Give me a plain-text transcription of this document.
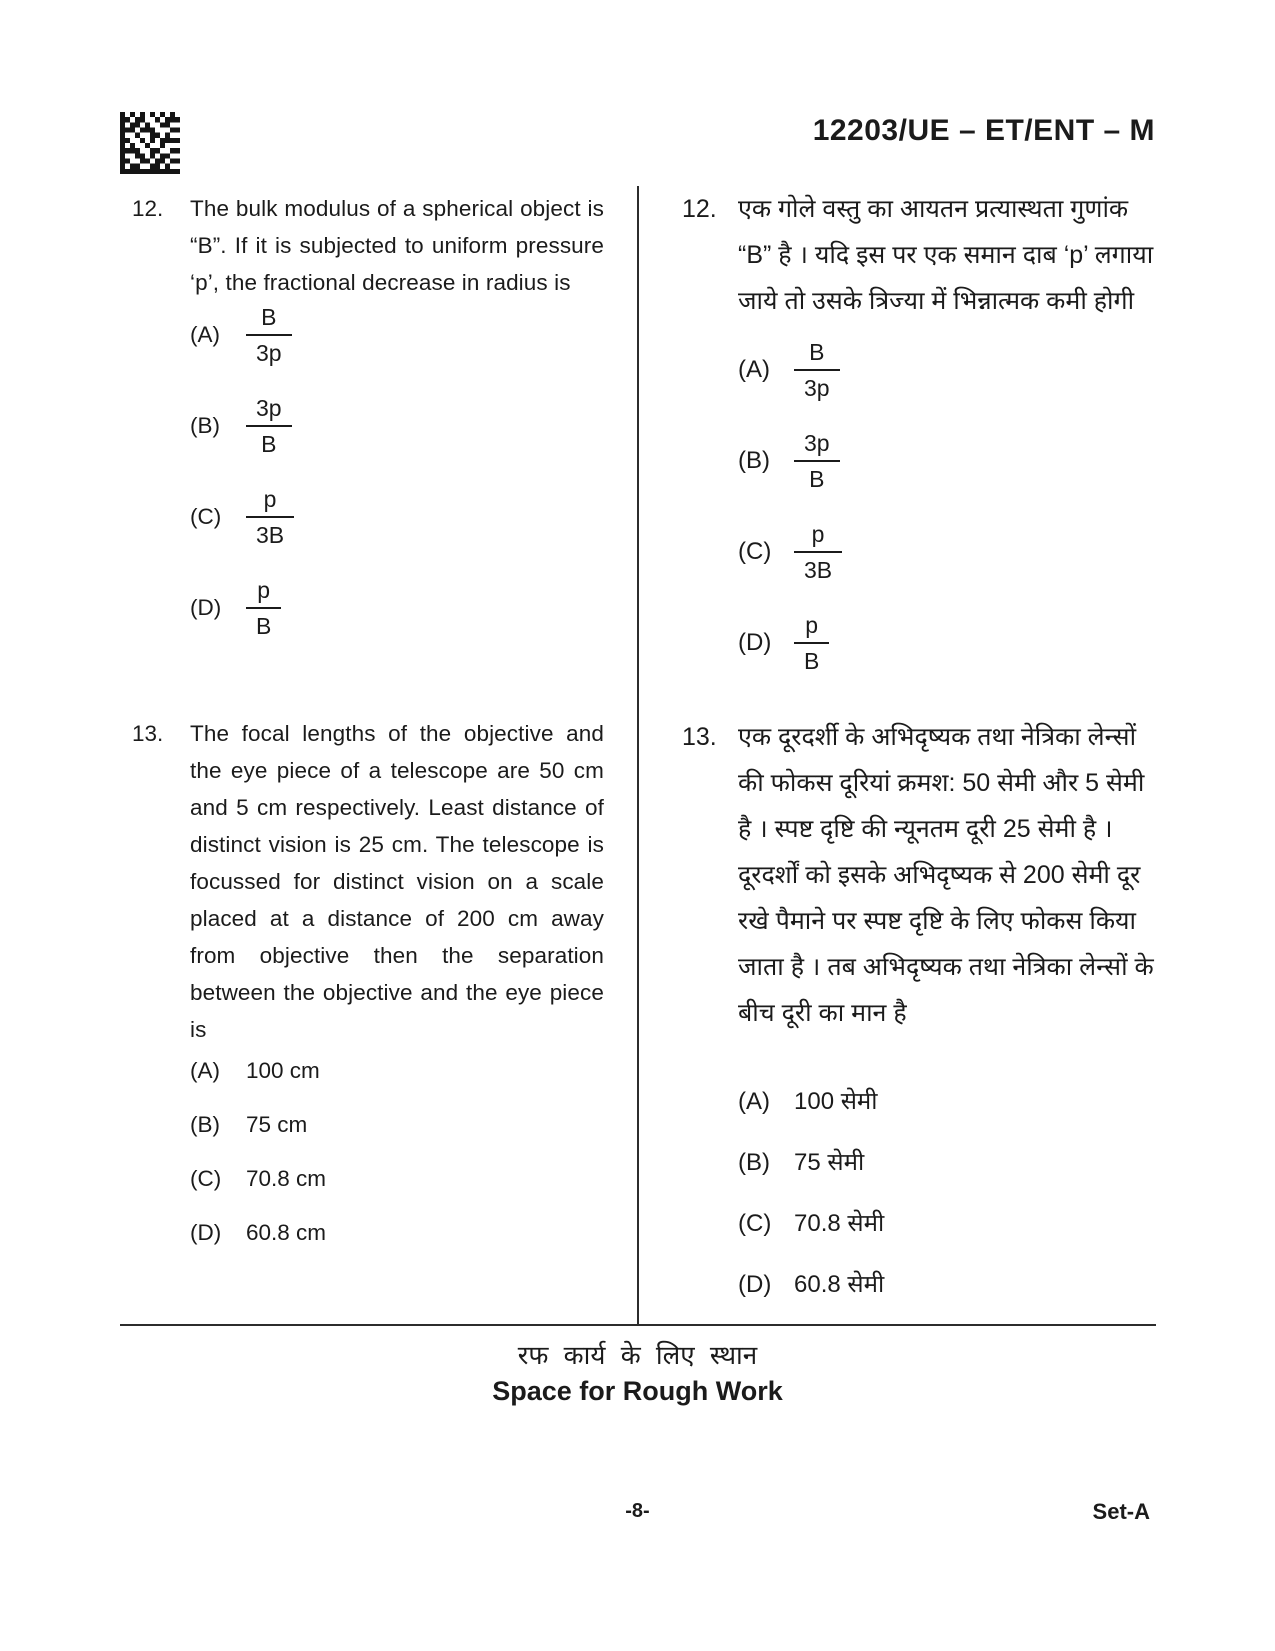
12203/UE – ET/ENT – M
12.	The bulk modulus of a spherical object is “B”. If it is subjected to uniform pressure ‘p’, the fractional decrease in radius is
(A)	$\frac{B}{3p}$
(B)	$\frac{3p}{B}$
(C)	$\frac{p}{3B}$
(D)	$\frac{p}{B}$
12. एक गोले वस्तु का आयतन प्रत्यास्थता गुणांक “B” है । यदि इस पर एक समान दाब ‘p’ लगाया जाये तो उसके त्रिज्या में भिन्नात्मक कमी होगी
(A)	$\frac{B}{3p}$
(B)	$\frac{3p}{B}$
$(C) \frac{p}{3B}$
$(D) \frac{p}{B}$
13.	The focal lengths of the objective and the eye piece of a telescope are 50 cm and 5 cm respectively. Least distance of distinct vision is 25 cm. The telescope is focussed for distinct vision on a scale placed at a distance of 200 cm away from objective then the separation between the objective and the eye piece is
(A)	100 cm
(B)	75 cm
(C)	70.8 cm
(D)	60.8 cm
13. एक दूरदर्शी के अभिदृष्यक तथा नेत्रिका लेन्सों की फोकस दूरियां क्रमश: 50 सेमी और 5 सेमी है । स्पष्ट दृष्टि की न्यूनतम दूरी 25 सेमी है । दूरदर्शों को इसके अभिदृष्यक से 200 सेमी दूर रखे पैमाने पर स्पष्ट दृष्टि के लिए फोकस किया जाता है । तब अभिदृष्यक तथा नेत्रिका लेन्सों के बीच दूरी का मान है
(A)	100 सेमी
(B)	75 सेमी
(C) 70.8 सेमी
(D) 60.8 सेमी
रफ कार्य के लिए स्थान
Space for Rough Work
-8-	Set-A
